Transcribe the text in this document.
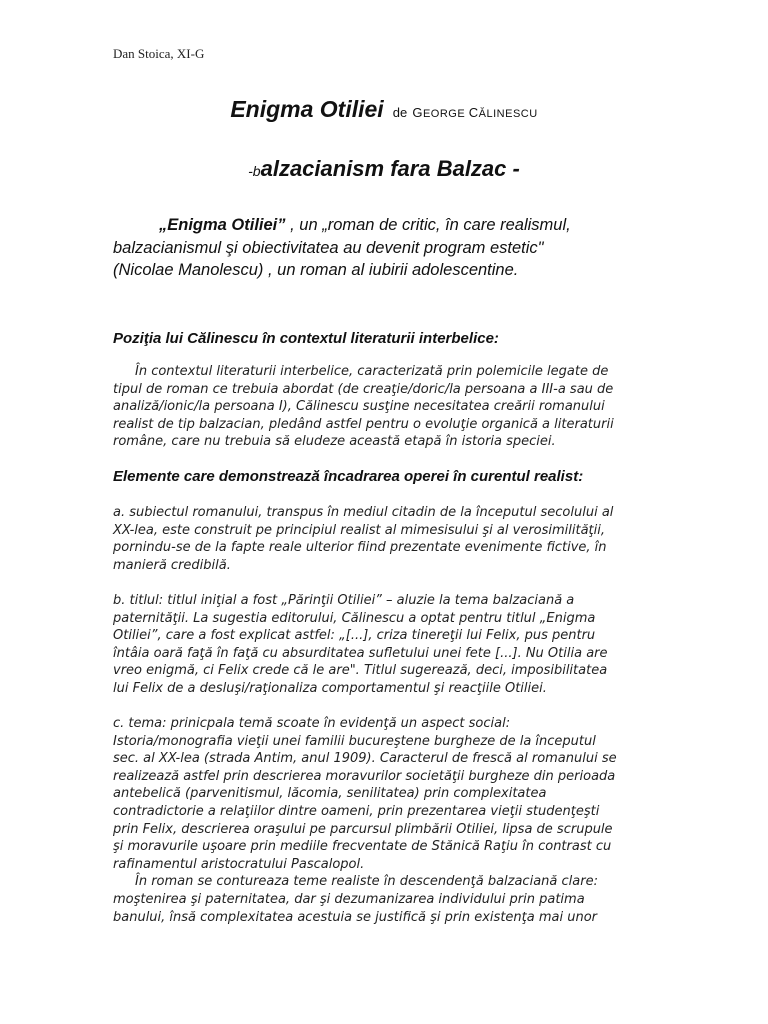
Dan Stoica, XI-G
Enigma Otiliei de GEORGE CĂLINESCU
-balzacianism fara Balzac -
„Enigma Otiliei” , un „roman de critic, în care realismul,
balzacianismul şi obiectivitatea au devenit program estetic"
(Nicolae Manolescu) , un roman al iubirii adolescentine.
Poziţia lui Călinescu în contextul literaturii interbelice:
În contextul literaturii interbelice, caracterizată prin polemicile legate de
tipul de roman ce trebuia abordat (de creaţie/doric/la persoana a III-a sau de
analiză/ionic/la persoana I), Călinescu susţine necesitatea creării romanului
realist de tip balzacian, pledând astfel pentru o evoluţie organică a literaturii
române, care nu trebuia să eludeze această etapă în istoria speciei.
Elemente care demonstrează încadrarea operei în curentul realist:
a. subiectul romanului, transpus în mediul citadin de la începutul secolului al
XX-lea, este construit pe principiul realist al mimesisului şi al verosimilităţii,
pornindu-se de la fapte reale ulterior fiind prezentate evenimente fictive, în
manieră credibilă.
b. titlul: titlul iniţial a fost „Părinţii Otiliei” – aluzie la tema balzaciană a
paternităţii. La sugestia editorului, Călinescu a optat pentru titlul „Enigma
Otiliei”, care a fost explicat astfel: „[...], criza tinereţii lui Felix, pus pentru
întâia oară faţă în faţă cu absurditatea sufletului unei fete [...]. Nu Otilia are
vreo enigmă, ci Felix crede că le are". Titlul sugerează, deci, imposibilitatea
lui Felix de a desluşi/raţionaliza comportamentul şi reacţiile Otiliei.
c. tema: prinicpala temă scoate în evidenţă un aspect social:
Istoria/monografia vieţii unei familii bucureştene burgheze de la începutul
sec. al XX-lea (strada Antim, anul 1909). Caracterul de frescă al romanului se
realizează astfel prin descrierea moravurilor societăţii burgheze din perioada
antebelică (parvenitismul, lăcomia, senilitatea) prin complexitatea
contradictorie a relaţiilor dintre oameni, prin prezentarea vieţii studenţeşti
prin Felix, descrierea oraşului pe parcursul plimbării Otiliei, lipsa de scrupule
şi moravurile uşoare prin mediile frecventate de Stănică Raţiu în contrast cu
rafinamentul aristocratului Pascalopol.
În roman se contureaza teme realiste în descendenţă balzaciană clare:
moştenirea şi paternitatea, dar şi dezumanizarea individului prin patima
banului, însă complexitatea acestuia se justifică şi prin existenţa mai unor
